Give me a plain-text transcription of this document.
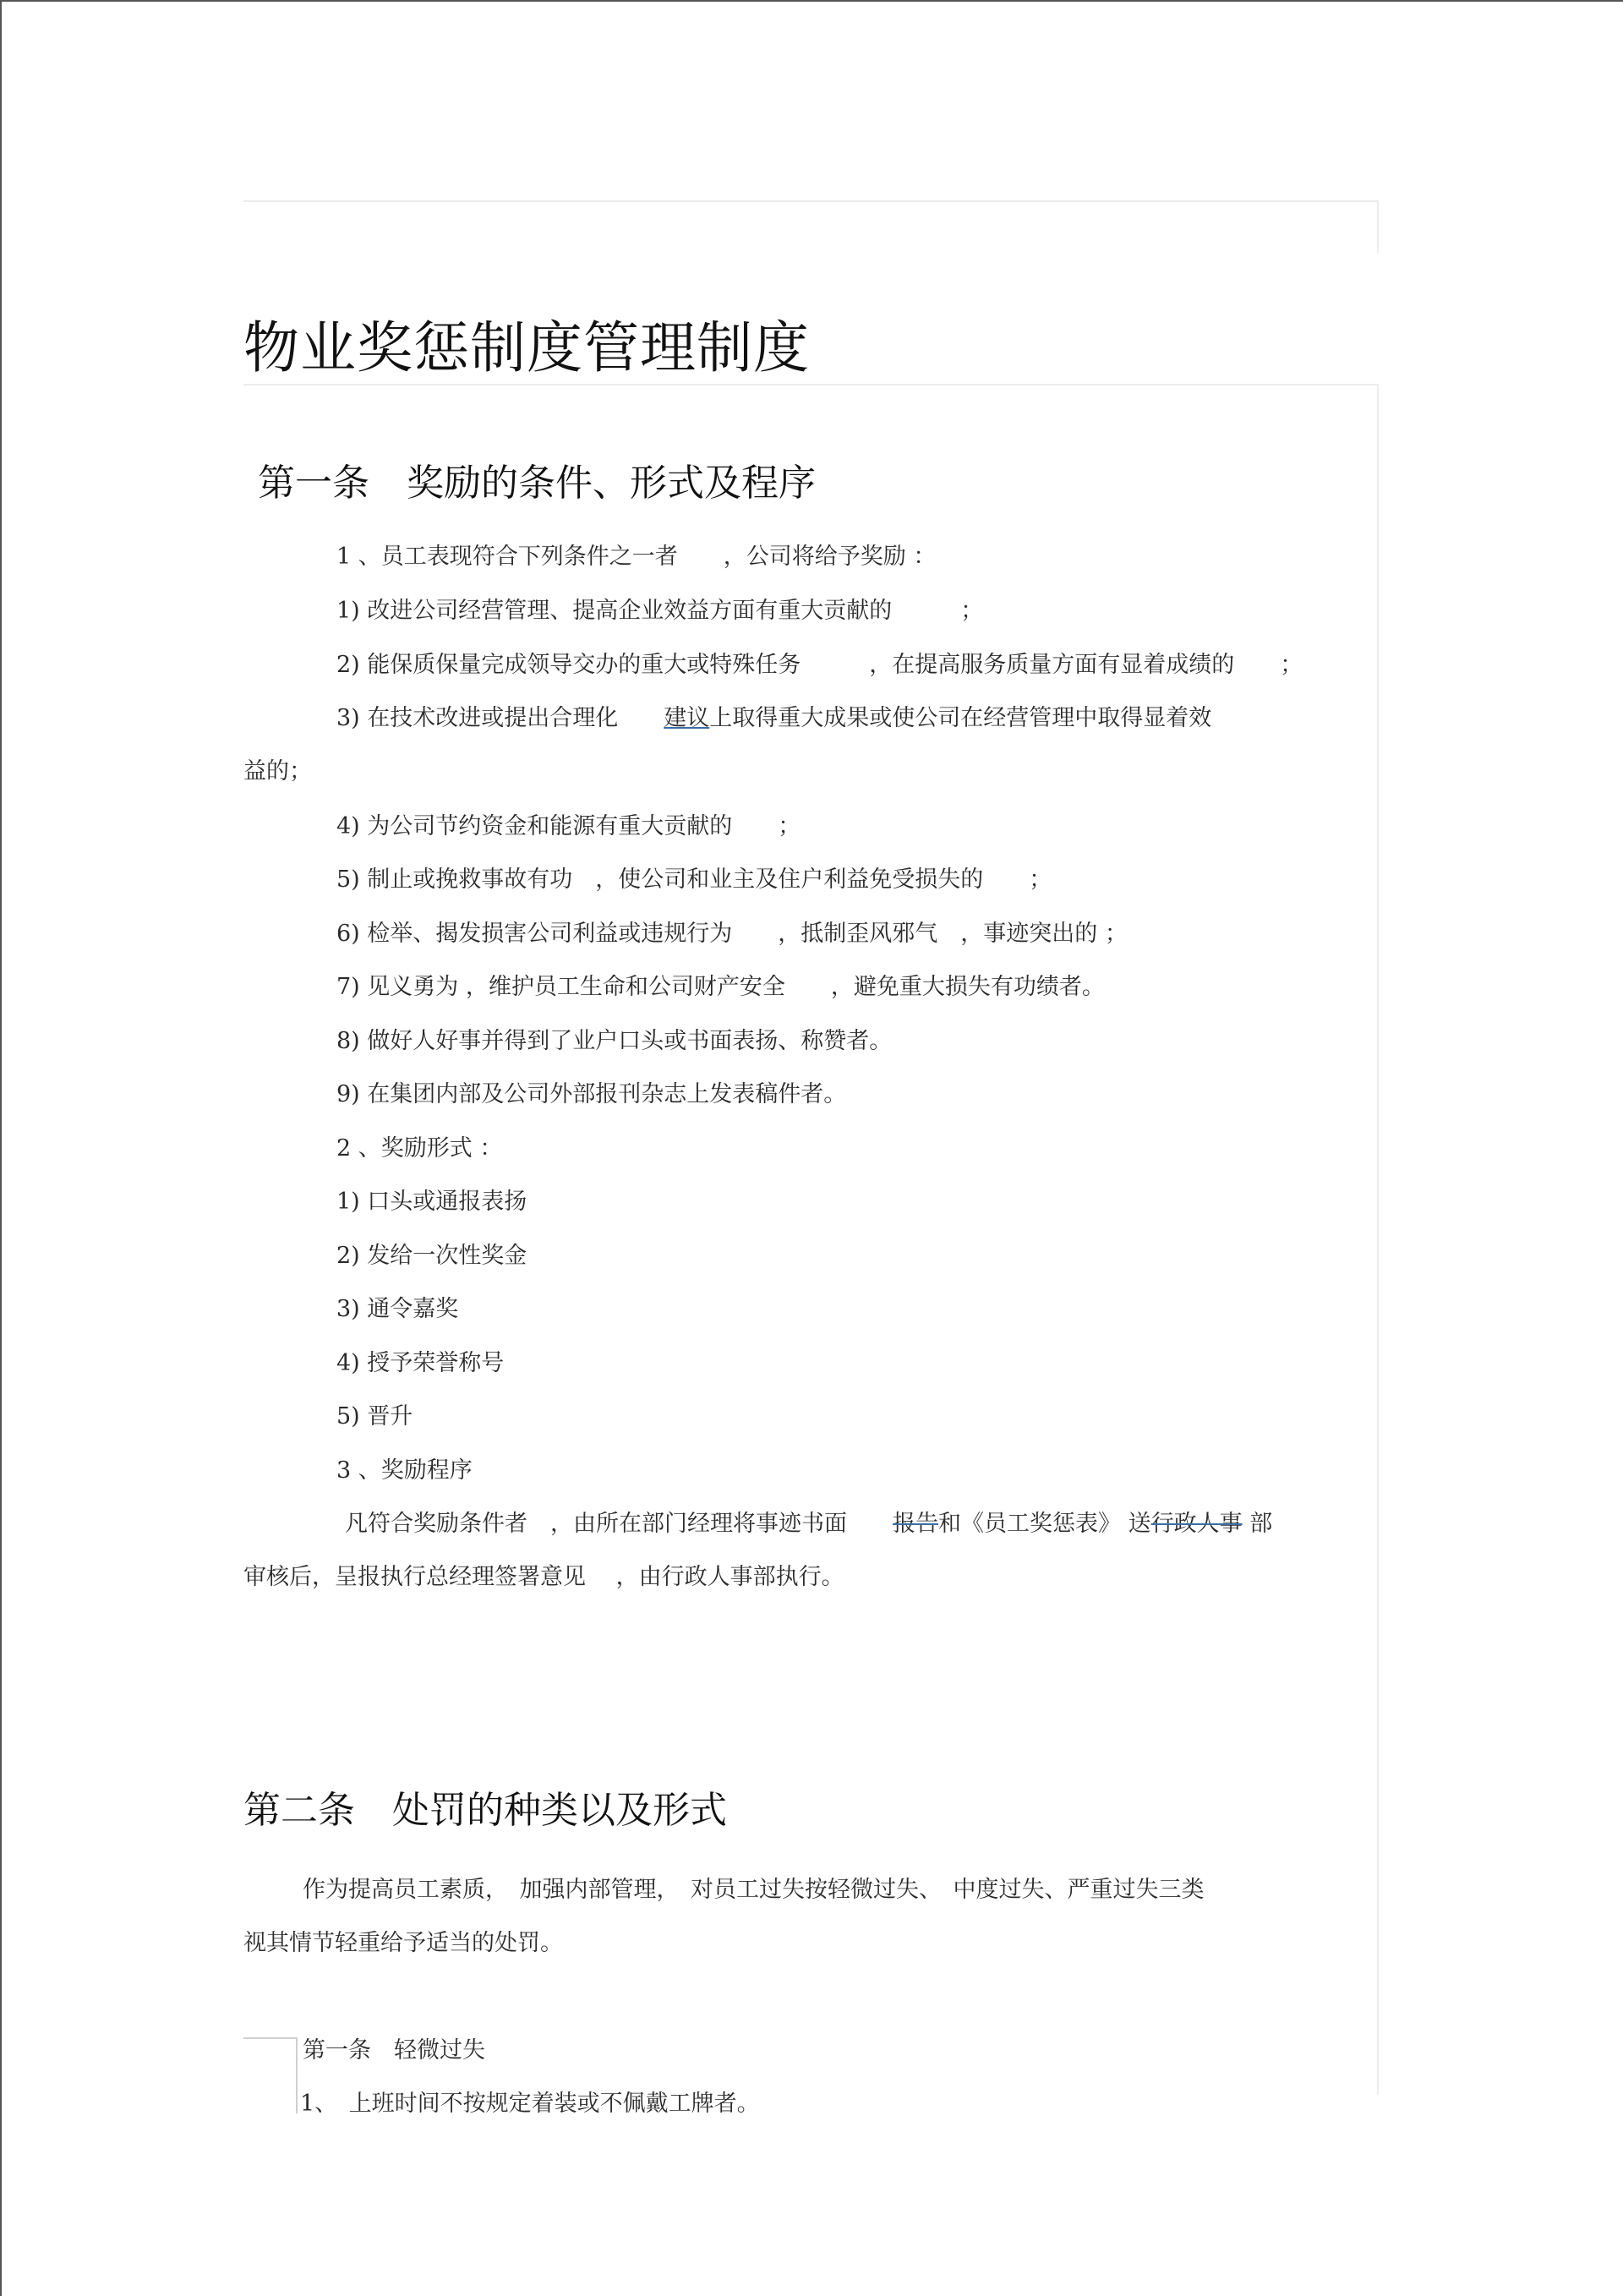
物业奖惩制度管理制度
第一条　奖励的条件、形式及程序
1 、员工表现符合下列条件之一者　　，公司将给予奖励 ：
1) 改进公司经营管理、提高企业效益方面有重大贡献的　　　；
2) 能保质保量完成领导交办的重大或特殊任务　　　，在提高服务质量方面有显着成绩的　　；
3) 在技术改进或提出合理化　　建议上取得重大成果或使公司在经营管理中取得显着效
益的；
4) 为公司节约资金和能源有重大贡献的　　；
5) 制止或挽救事故有功　，使公司和业主及住户利益免受损失的　　；
6) 检举、揭发损害公司利益或违规行为　　，抵制歪风邪气　，事迹突出的 ；
7) 见义勇为 ，维护员工生命和公司财产安全　　，避免重大损失有功绩者。
8) 做好人好事并得到了业户口头或书面表扬、称赞者。
9) 在集团内部及公司外部报刊杂志上发表稿件者。
2 、奖励形式 ：
1) 口头或通报表扬
2) 发给一次性奖金
3) 通令嘉奖
4) 授予荣誉称号
5) 晋升
3 、奖励程序
凡符合奖励条件者　，由所在部门经理将事迹书面　　 报告和《员工奖惩表》 送行政人事 部
审核后，呈报执行总经理签署意见　 ，由行政人事部执行。
第二条　处罚的种类以及形式
作为提高员工素质，　加强内部管理，　对员工过失按轻微过失、　中度过失、严重过失三类
视其情节轻重给予适当的处罚。
第一条　轻微过失
1、　上班时间不按规定着装或不佩戴工牌者。
